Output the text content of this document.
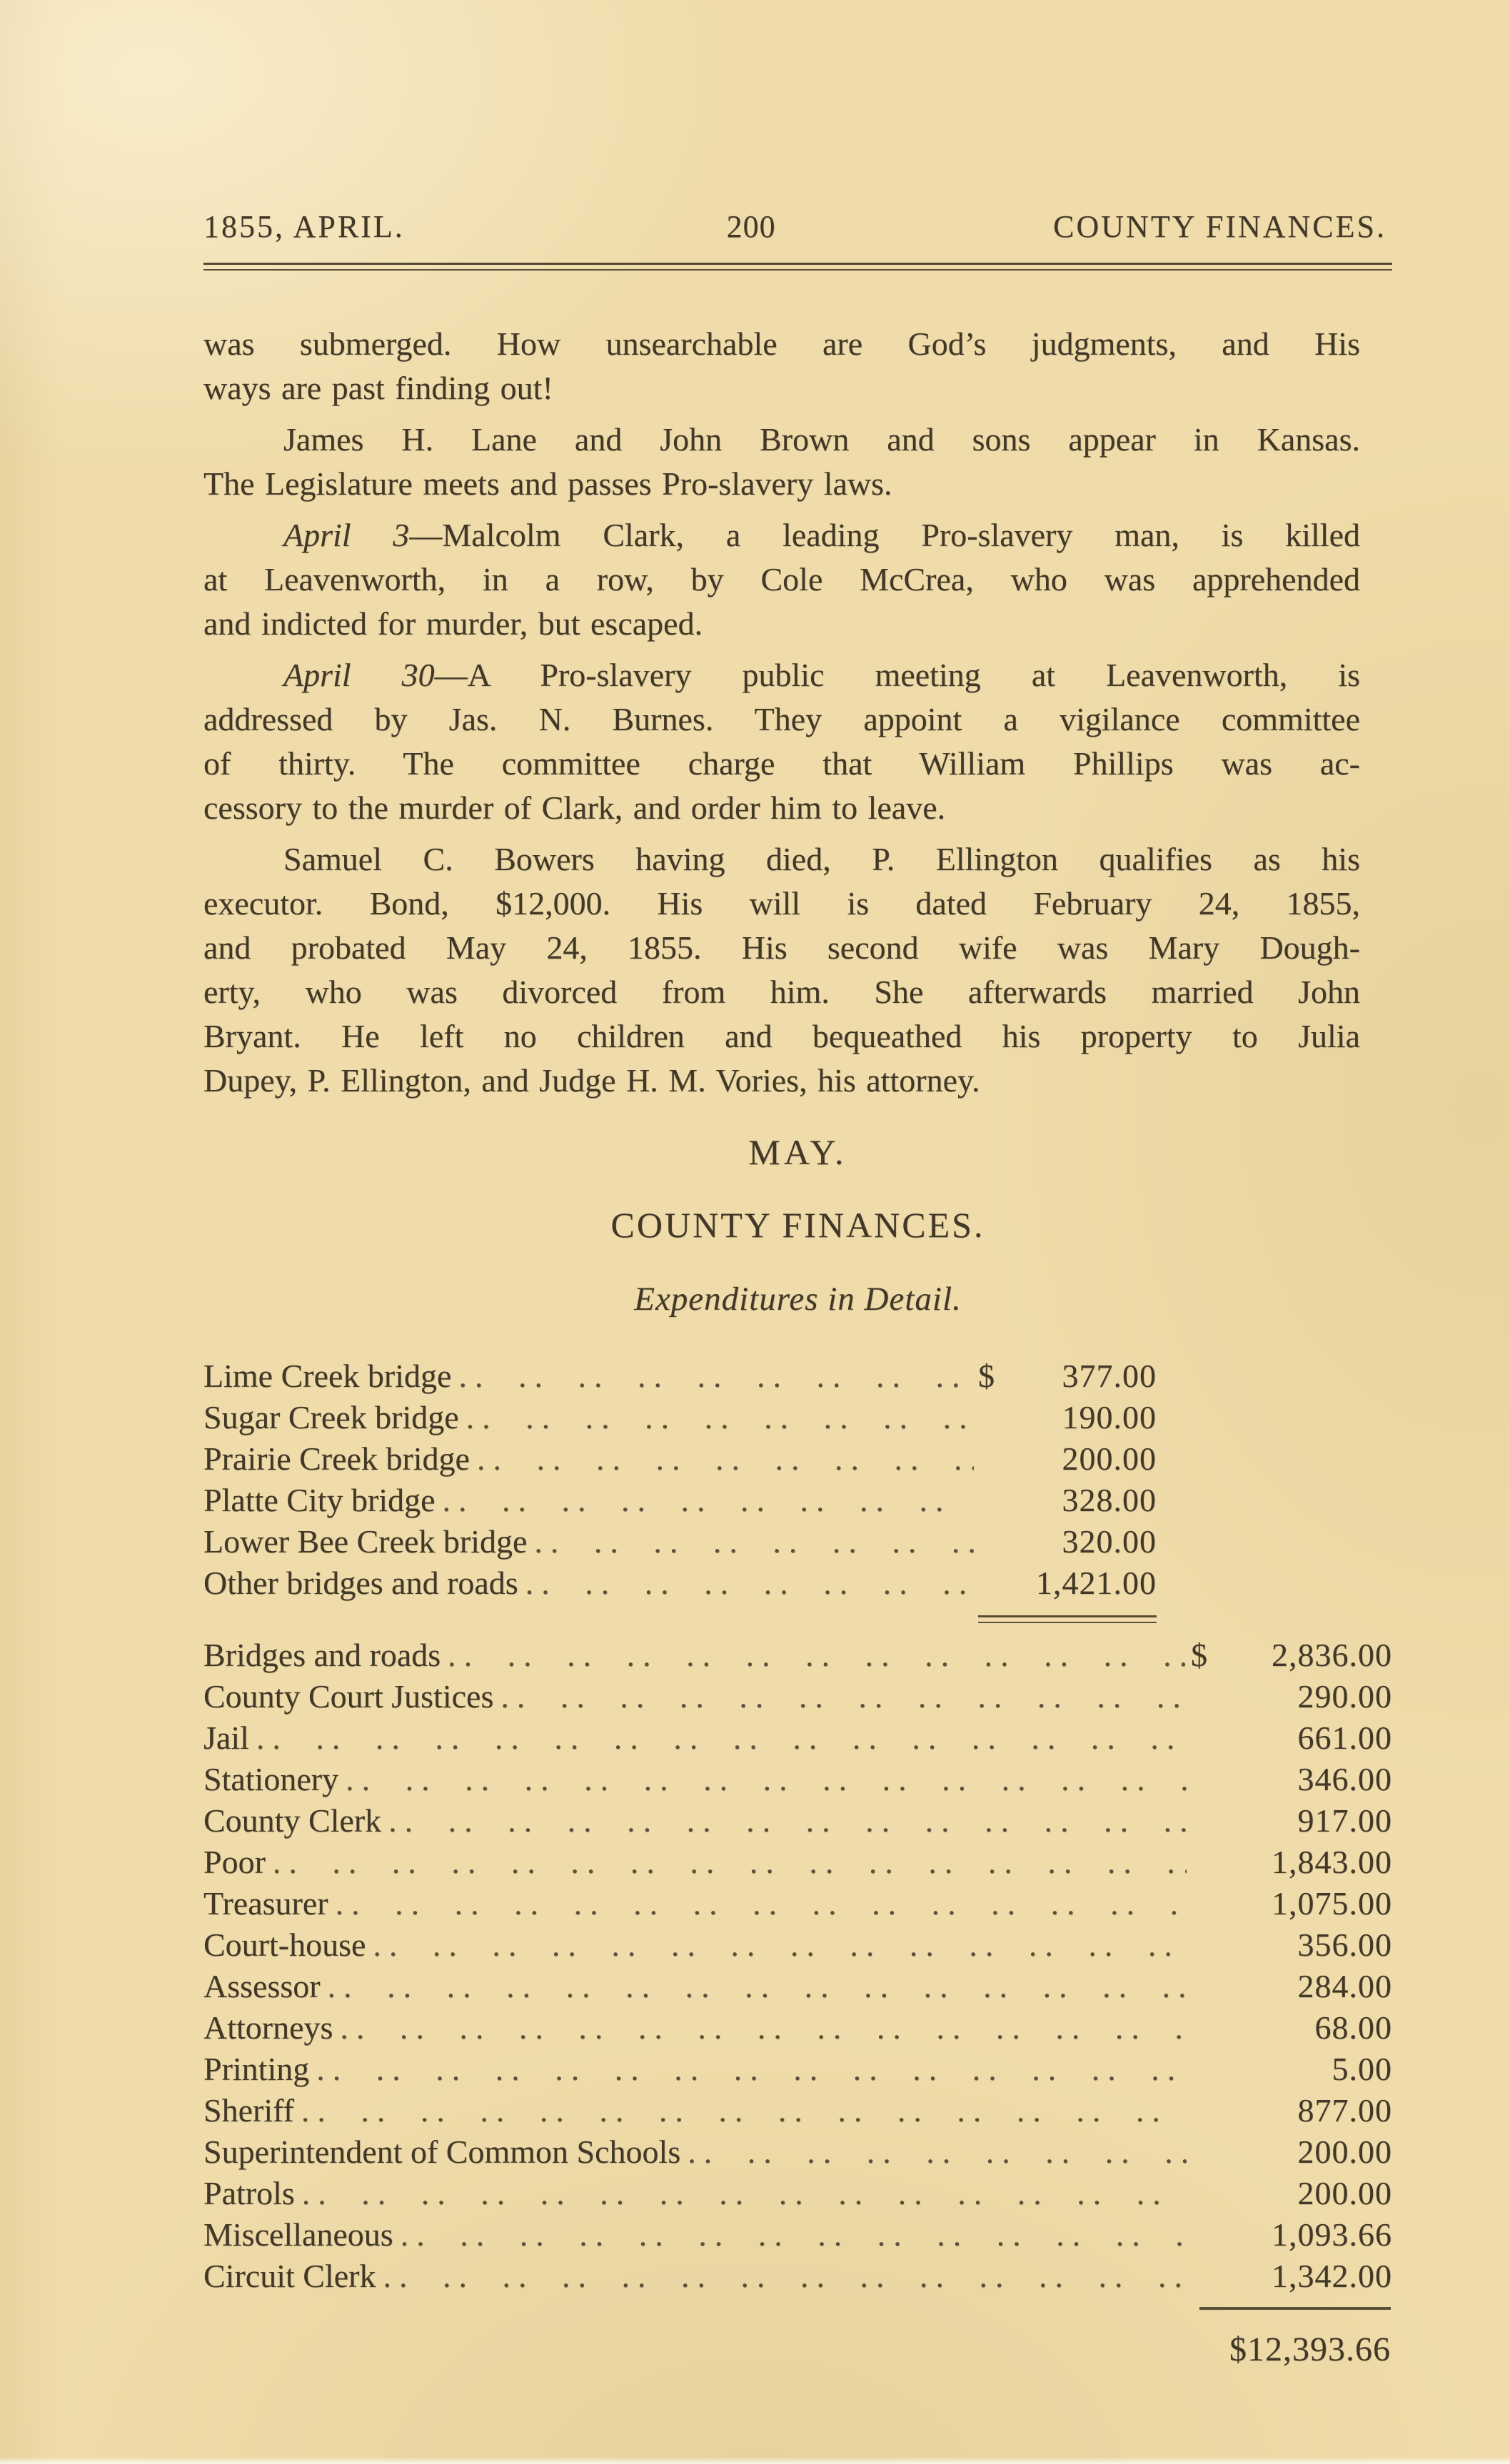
1855, APRIL.	200	COUNTY FINANCES.
was submerged. How unsearchable are God’s judgments, and His
ways are past finding out!
James H. Lane and John Brown and sons appear in Kansas.
The Legislature meets and passes Pro-slavery laws.
April 3—Malcolm Clark, a leading Pro-slavery man, is killed
at Leavenworth, in a row, by Cole McCrea, who was apprehended
and indicted for murder, but escaped.
April 30—A Pro-slavery public meeting at Leavenworth, is
addressed by Jas. N. Burnes. They appoint a vigilance committee
of thirty. The committee charge that William Phillips was ac-
cessory to the murder of Clark, and order him to leave.
Samuel C. Bowers having died, P. Ellington qualifies as his
executor. Bond, $12,000. His will is dated February 24, 1855,
and probated May 24, 1855. His second wife was Mary Dough-
erty, who was divorced from him. She afterwards married John
Bryant. He left no children and bequeathed his property to Julia
Dupey, P. Ellington, and Judge H. M. Vories, his attorney.
MAY.
COUNTY FINANCES.
Expenditures in Detail.
Lime Creek bridge .. ..	$ 377.00
Sugar Creek bridge .. ..	190.00
Prairie Creek bridge .. ..	200.00
Platte City bridge .. ..	328.00
Lower Bee Creek bridge .. ..	320.00
Other bridges and roads .. ..	1,421.00
Bridges and roads .. ..	$ 2,836.00
County Court Justices .. ..	290.00
Jail .. ..	661.00
Stationery .. ..	346.00
County Clerk .. ..	917.00
Poor .. ..	1,843.00
Treasurer .. ..	1,075.00
Court-house .. ..	356.00
Assessor .. ..	284.00
Attorneys .. ..	68.00
Printing .. ..	5.00
Sheriff .. ..	877.00
Superintendent of Common Schools .. ..	200.00
Patrols .. ..	200.00
Miscellaneous .. ..	1,093.66
Circuit Clerk .. ..	1,342.00
$12,393.66
